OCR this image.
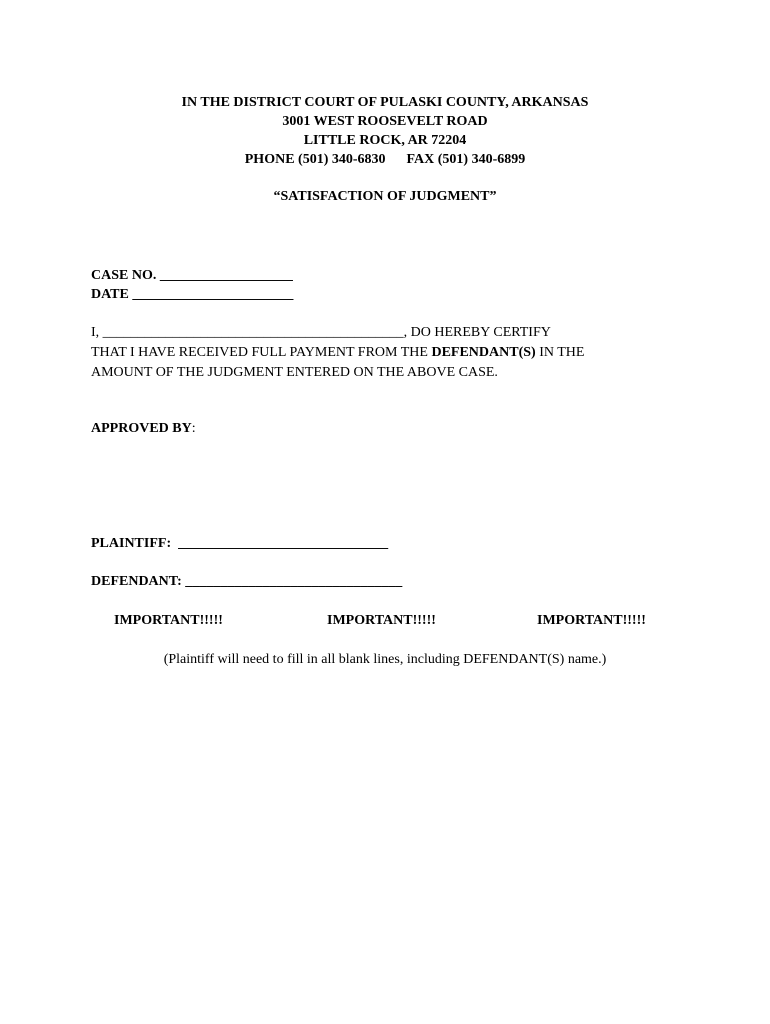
IN THE DISTRICT COURT OF PULASKI COUNTY, ARKANSAS
3001 WEST ROOSEVELT ROAD
LITTLE ROCK, AR 72204
PHONE (501) 340-6830      FAX (501) 340-6899
“SATISFACTION OF JUDGMENT”
CASE NO. ___________________
DATE _______________________
I, ___________________________________________, DO HEREBY CERTIFY
THAT I HAVE RECEIVED FULL PAYMENT FROM THE DEFENDANT(S) IN THE
AMOUNT OF THE JUDGMENT ENTERED ON THE ABOVE CASE.
APPROVED BY:
PLAINTIFF:  ______________________________
DEFENDANT: _______________________________
IMPORTANT!!!!!	IMPORTANT!!!!!	IMPORTANT!!!!!
(Plaintiff will need to fill in all blank lines, including DEFENDANT(S) name.)
